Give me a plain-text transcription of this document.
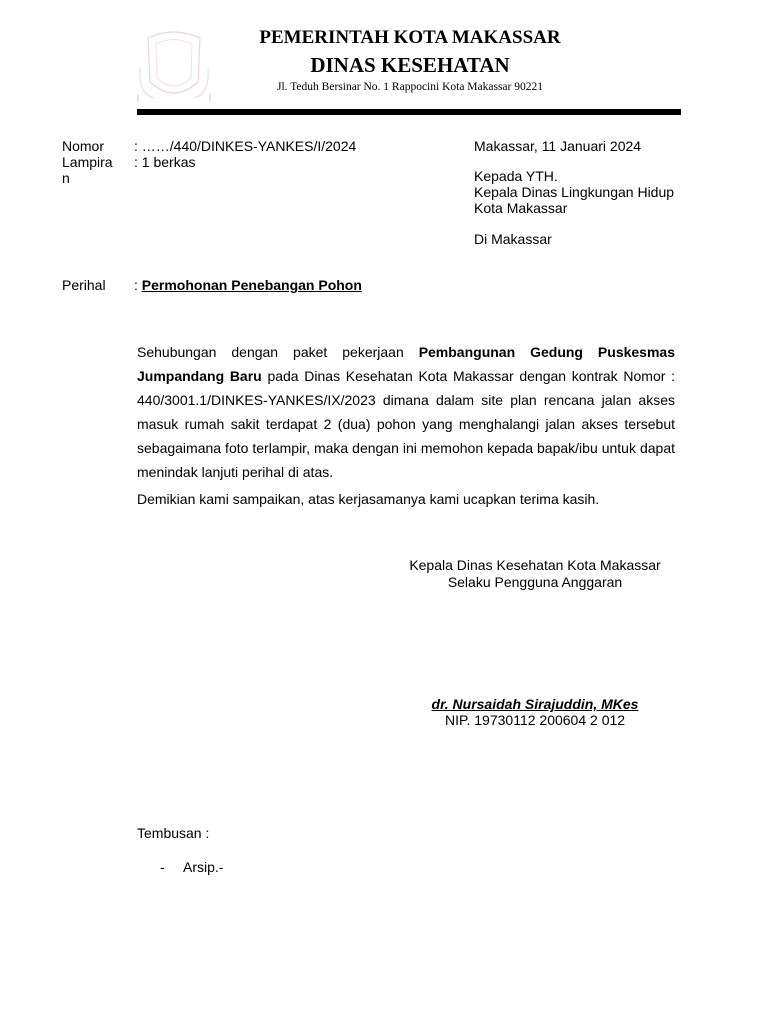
PEMERINTAH KOTA MAKASSAR
DINAS KESEHATAN
Jl. Teduh Bersinar No. 1 Rappocini Kota Makassar 90221
Nomor	: ……/440/DINKES-YANKES/I/2024
Lampira
n
: 1 berkas
Makassar, 11 Januari 2024
Kepada YTH.
Kepala Dinas Lingkungan Hidup
Kota Makassar
Di Makassar
Perihal	: Permohonan Penebangan Pohon
Sehubungan dengan paket pekerjaan Pembangunan Gedung Puskesmas Jumpandang Baru pada Dinas Kesehatan Kota Makassar dengan kontrak Nomor : 440/3001.1/DINKES-YANKES/IX/2023 dimana dalam site plan rencana jalan akses masuk rumah sakit terdapat 2 (dua) pohon yang menghalangi jalan akses tersebut sebagaimana foto terlampir, maka dengan ini memohon kepada bapak/ibu untuk dapat menindak lanjuti perihal di atas.
Demikian kami sampaikan, atas kerjasamanya kami ucapkan terima kasih.
Kepala Dinas Kesehatan Kota Makassar
Selaku Pengguna Anggaran
dr. Nursaidah Sirajuddin, MKes
NIP. 19730112 200604 2 012
Tembusan :
- Arsip.-
